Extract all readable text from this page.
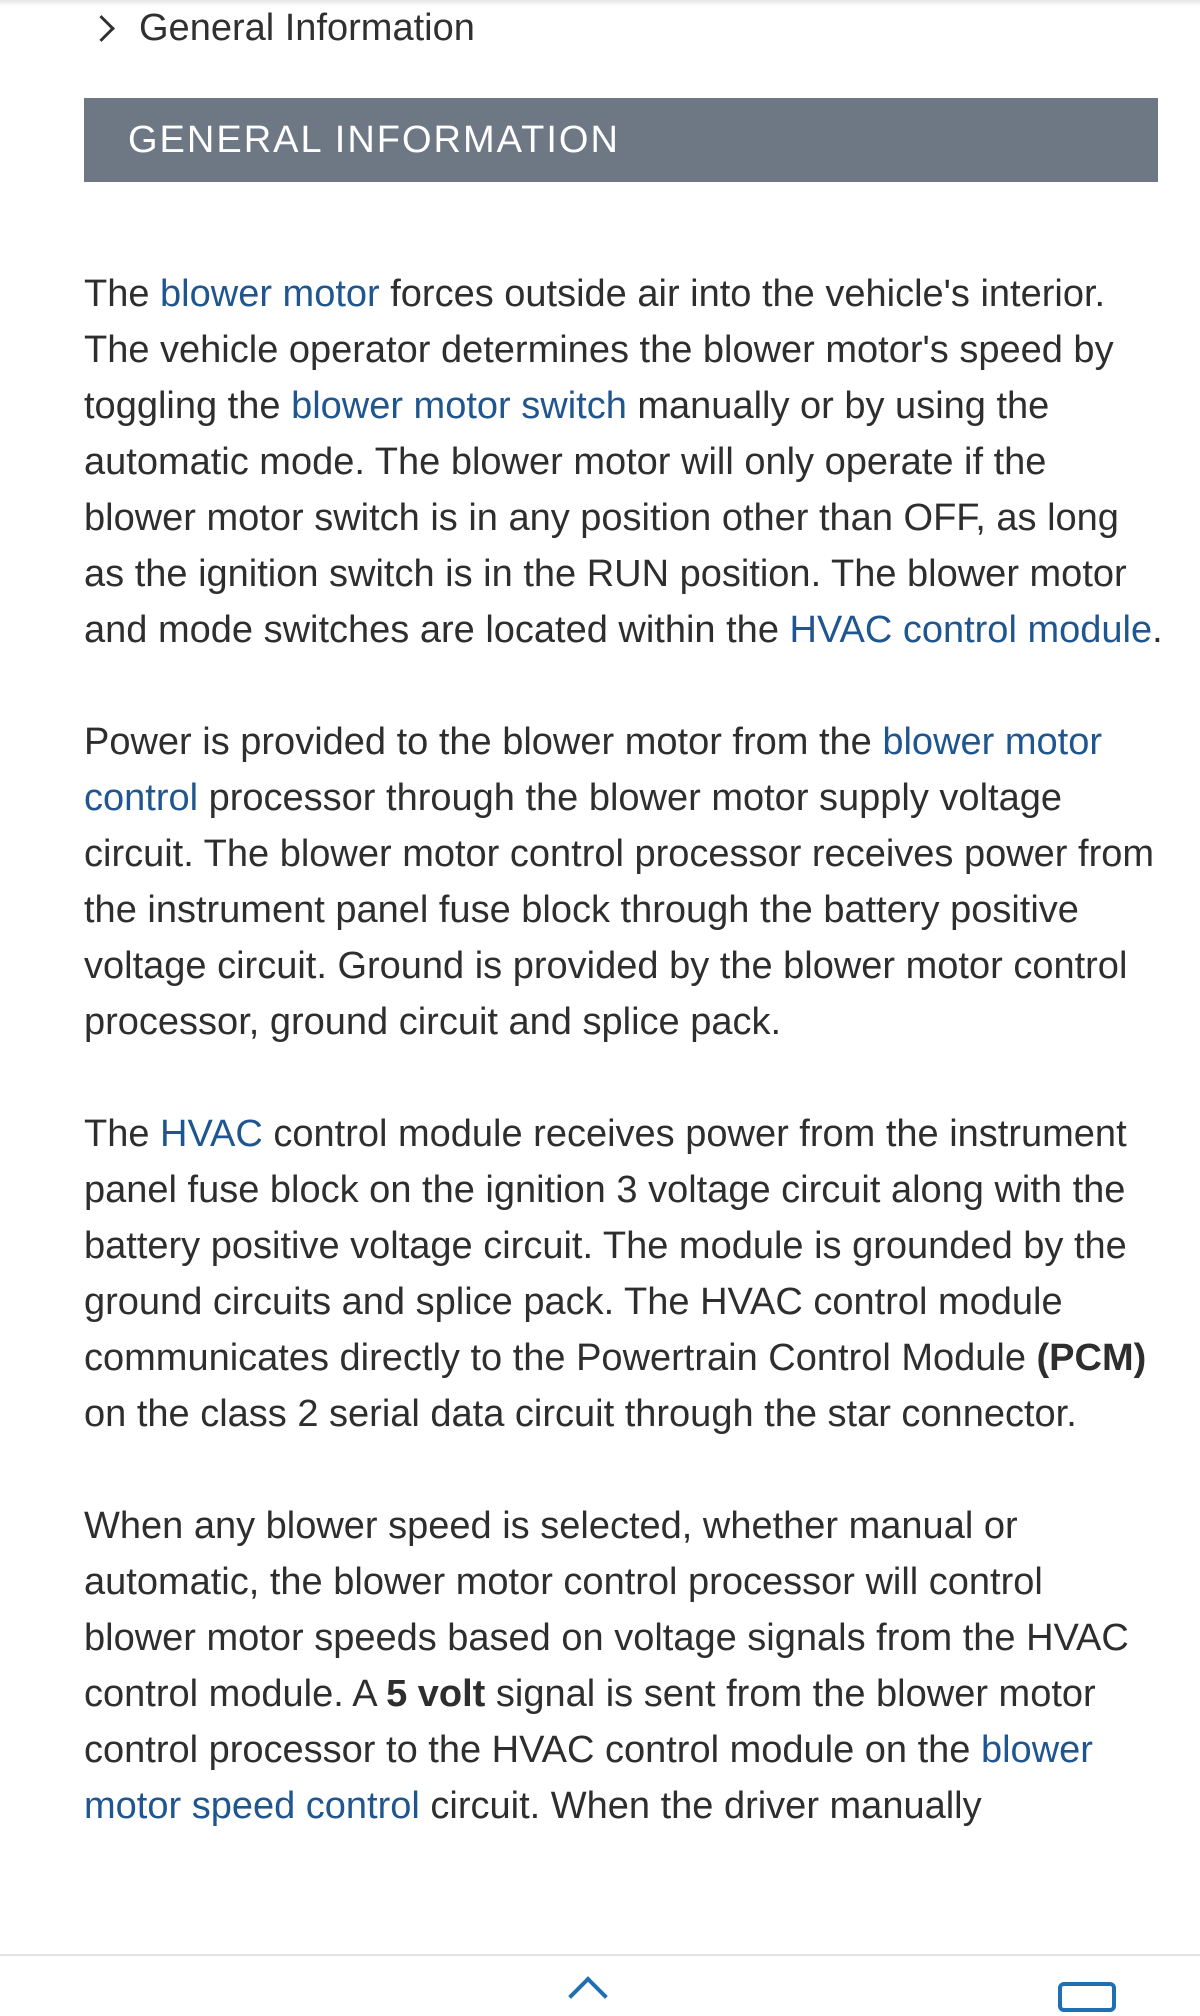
General Information
GENERAL INFORMATION

The blower motor forces outside air into the vehicle's interior. The vehicle operator determines the blower motor's speed by toggling the blower motor switch manually or by using the automatic mode. The blower motor will only operate if the blower motor switch is in any position other than OFF, as long as the ignition switch is in the RUN position. The blower motor and mode switches are located within the HVAC control module.

Power is provided to the blower motor from the blower motor control processor through the blower motor supply voltage circuit. The blower motor control processor receives power from the instrument panel fuse block through the battery positive voltage circuit. Ground is provided by the blower motor control processor, ground circuit and splice pack.

The HVAC control module receives power from the instrument panel fuse block on the ignition 3 voltage circuit along with the battery positive voltage circuit. The module is grounded by the ground circuits and splice pack. The HVAC control module communicates directly to the Powertrain Control Module (PCM) on the class 2 serial data circuit through the star connector.

When any blower speed is selected, whether manual or automatic, the blower motor control processor will control blower motor speeds based on voltage signals from the HVAC control module. A 5 volt signal is sent from the blower motor control processor to the HVAC control module on the blower motor speed control circuit. When the driver manually
